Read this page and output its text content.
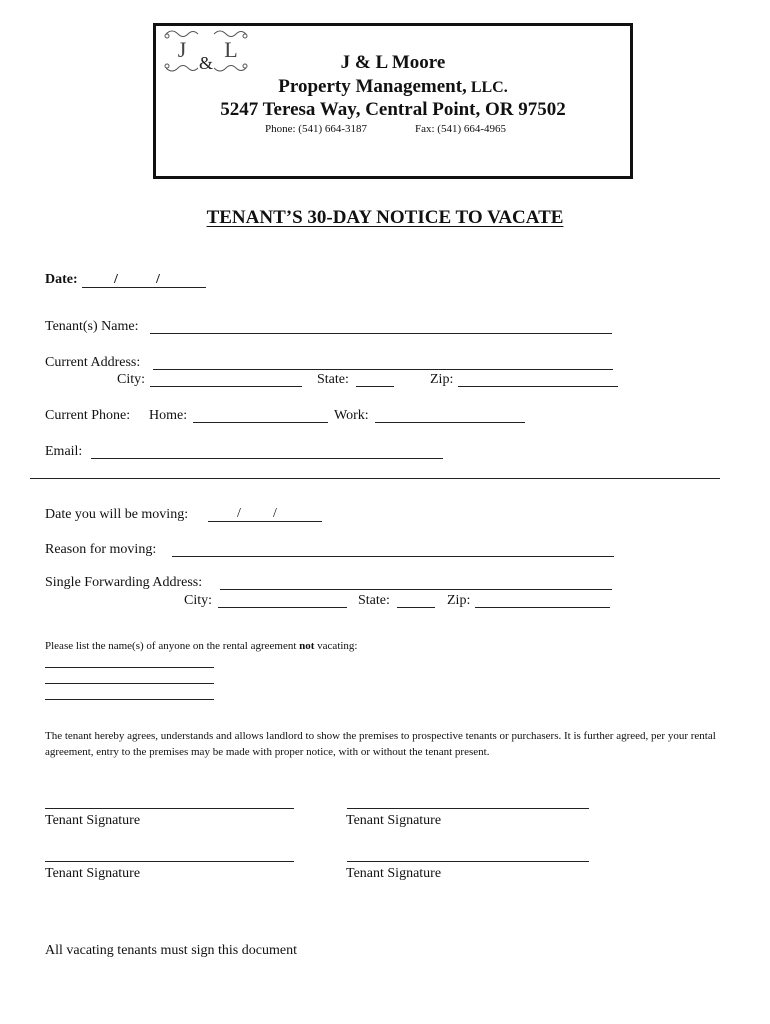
J
&
L
J & L Moore
Property Management, LLC.
5247 Teresa Way, Central Point, OR 97502
Phone: (541) 664-3187	Fax: (541) 664-4965
TENANT’S 30-DAY NOTICE TO VACATE
Date:	/	/
Tenant(s) Name:
Current Address:
City:	State:	Zip:
Current Phone: Home:	Work:
Email:
Date you will be moving:	/ /
Reason for moving:
Single Forwarding Address:
City:	State:	Zip:
Please list the name(s) of anyone on the rental agreement not vacating:
The tenant hereby agrees, understands and allows landlord to show the premises to prospective tenants or purchasers. It is further agreed, per your rental agreement, entry to the premises may be made with proper notice, with or without the tenant present.
Tenant Signature	Tenant Signature
Tenant Signature	Tenant Signature
All vacating tenants must sign this document
